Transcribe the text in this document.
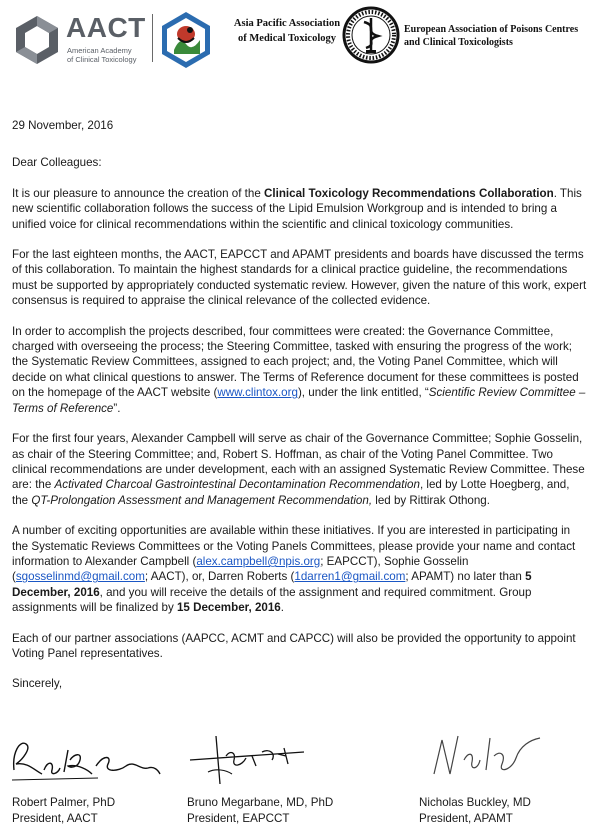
AACT
American Academy
of Clinical Toxicology
Asia Pacific Association
of Medical Toxicology
European Association of Poisons Centres
and Clinical Toxicologists

29 November, 2016

Dear Colleagues:

It is our pleasure to announce the creation of the Clinical Toxicology Recommendations Collaboration. This new scientific collaboration follows the success of the Lipid Emulsion Workgroup and is intended to bring a unified voice for clinical recommendations within the scientific and clinical toxicology communities.

For the last eighteen months, the AACT, EAPCCT and APAMT presidents and boards have discussed the terms of this collaboration. To maintain the highest standards for a clinical practice guideline, the recommendations must be supported by appropriately conducted systematic review. However, given the nature of this work, expert consensus is required to appraise the clinical relevance of the collected evidence.

In order to accomplish the projects described, four committees were created: the Governance Committee, charged with overseeing the process; the Steering Committee, tasked with ensuring the progress of the work; the Systematic Review Committees, assigned to each project; and, the Voting Panel Committee, which will decide on what clinical questions to answer. The Terms of Reference document for these committees is posted on the homepage of the AACT website (www.clintox.org), under the link entitled, “Scientific Review Committee – Terms of Reference”.

For the first four years, Alexander Campbell will serve as chair of the Governance Committee; Sophie Gosselin, as chair of the Steering Committee; and, Robert S. Hoffman, as chair of the Voting Panel Committee. Two clinical recommendations are under development, each with an assigned Systematic Review Committee. These are: the Activated Charcoal Gastrointestinal Decontamination Recommendation, led by Lotte Hoegberg, and, the QT-Prolongation Assessment and Management Recommendation, led by Rittirak Othong.

A number of exciting opportunities are available within these initiatives. If you are interested in participating in the Systematic Reviews Committees or the Voting Panels Committees, please provide your name and contact information to Alexander Campbell (alex.campbell@npis.org; EAPCCT), Sophie Gosselin (sgosselinmd@gmail.com; AACT), or, Darren Roberts (1darren1@gmail.com; APAMT) no later than 5 December, 2016, and you will receive the details of the assignment and required commitment. Group assignments will be finalized by 15 December, 2016.

Each of our partner associations (AAPCC, ACMT and CAPCC) will also be provided the opportunity to appoint Voting Panel representatives.

Sincerely,

Robert Palmer, PhD
President, AACT
Bruno Megarbane, MD, PhD
President, EAPCCT
Nicholas Buckley, MD
President, APAMT
